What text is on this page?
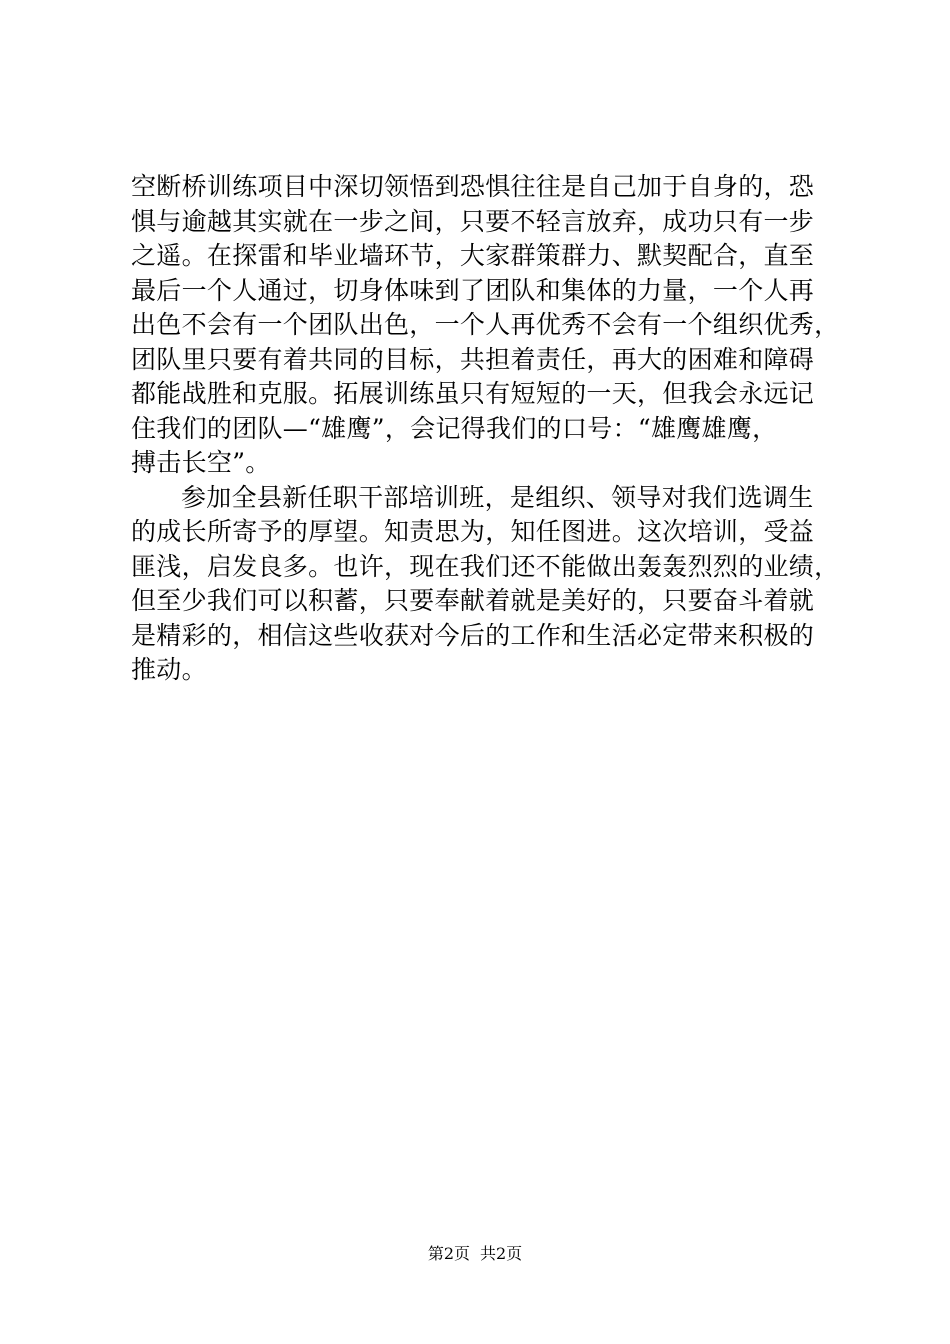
空断桥训练项目中深切领悟到恐惧往往是自己加于自身的，恐
惧与逾越其实就在一步之间，只要不轻言放弃，成功只有一步
之遥。在探雷和毕业墙环节，大家群策群力、默契配合，直至
最后一个人通过，切身体味到了团队和集体的力量，一个人再
出色不会有一个团队出色，一个人再优秀不会有一个组织优秀，
团队里只要有着共同的目标，共担着责任，再大的困难和障碍
都能战胜和克服。拓展训练虽只有短短的一天，但我会永远记
住我们的团队—“雄鹰”，会记得我们的口号：“雄鹰雄鹰，
搏击长空”。
参加全县新任职干部培训班，是组织、领导对我们选调生
的成长所寄予的厚望。知责思为，知任图进。这次培训，受益
匪浅，启发良多。也许，现在我们还不能做出轰轰烈烈的业绩，
但至少我们可以积蓄，只要奉献着就是美好的，只要奋斗着就
是精彩的，相信这些收获对今后的工作和生活必定带来积极的
推动。
第2页 共2页
